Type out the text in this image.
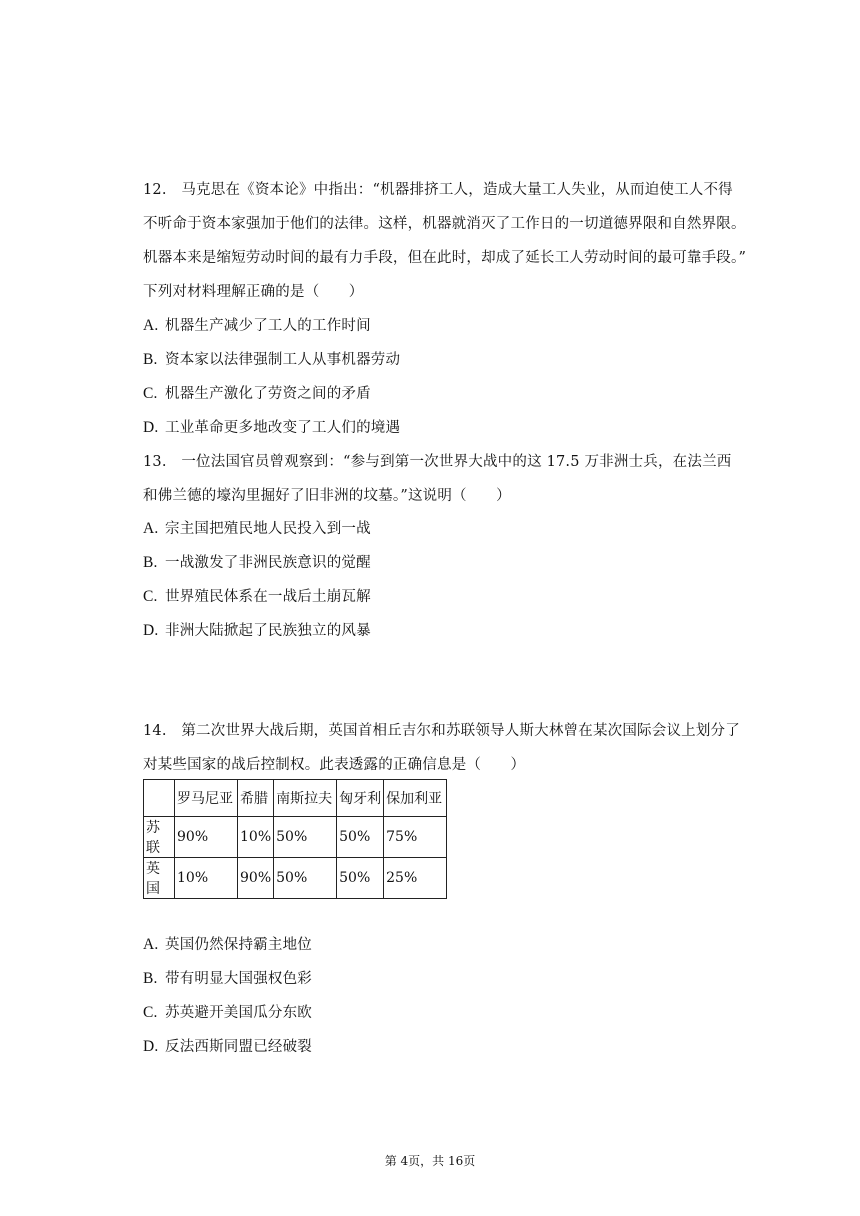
12.　马克思在《资本论》中指出：“机器排挤工人，造成大量工人失业，从而迫使工人不得
不听命于资本家强加于他们的法律。这样，机器就消灭了工作日的一切道德界限和自然界限。
机器本来是缩短劳动时间的最有力手段，但在此时，却成了延长工人劳动时间的最可靠手段。”
下列对材料理解正确的是（　　）
A. 机器生产减少了工人的工作时间
B. 资本家以法律强制工人从事机器劳动
C. 机器生产激化了劳资之间的矛盾
D. 工业革命更多地改变了工人们的境遇
13.　一位法国官员曾观察到：“参与到第一次世界大战中的这 17.5 万非洲士兵，在法兰西
和佛兰德的壕沟里掘好了旧非洲的坟墓。”这说明（　　）
A. 宗主国把殖民地人民投入到一战
B. 一战激发了非洲民族意识的觉醒
C. 世界殖民体系在一战后土崩瓦解
D. 非洲大陆掀起了民族独立的风暴
14.　第二次世界大战后期，英国首相丘吉尔和苏联领导人斯大林曾在某次国际会议上划分了
对某些国家的战后控制权。此表透露的正确信息是（　　）
	罗马尼亚	希腊	南斯拉夫	匈牙利	保加利亚
苏联	90%	10%	50%	50%	75%
英国	10%	90%	50%	50%	25%
A. 英国仍然保持霸主地位
B. 带有明显大国强权色彩
C. 苏英避开美国瓜分东欧
D. 反法西斯同盟已经破裂
第 4页，共 16页
